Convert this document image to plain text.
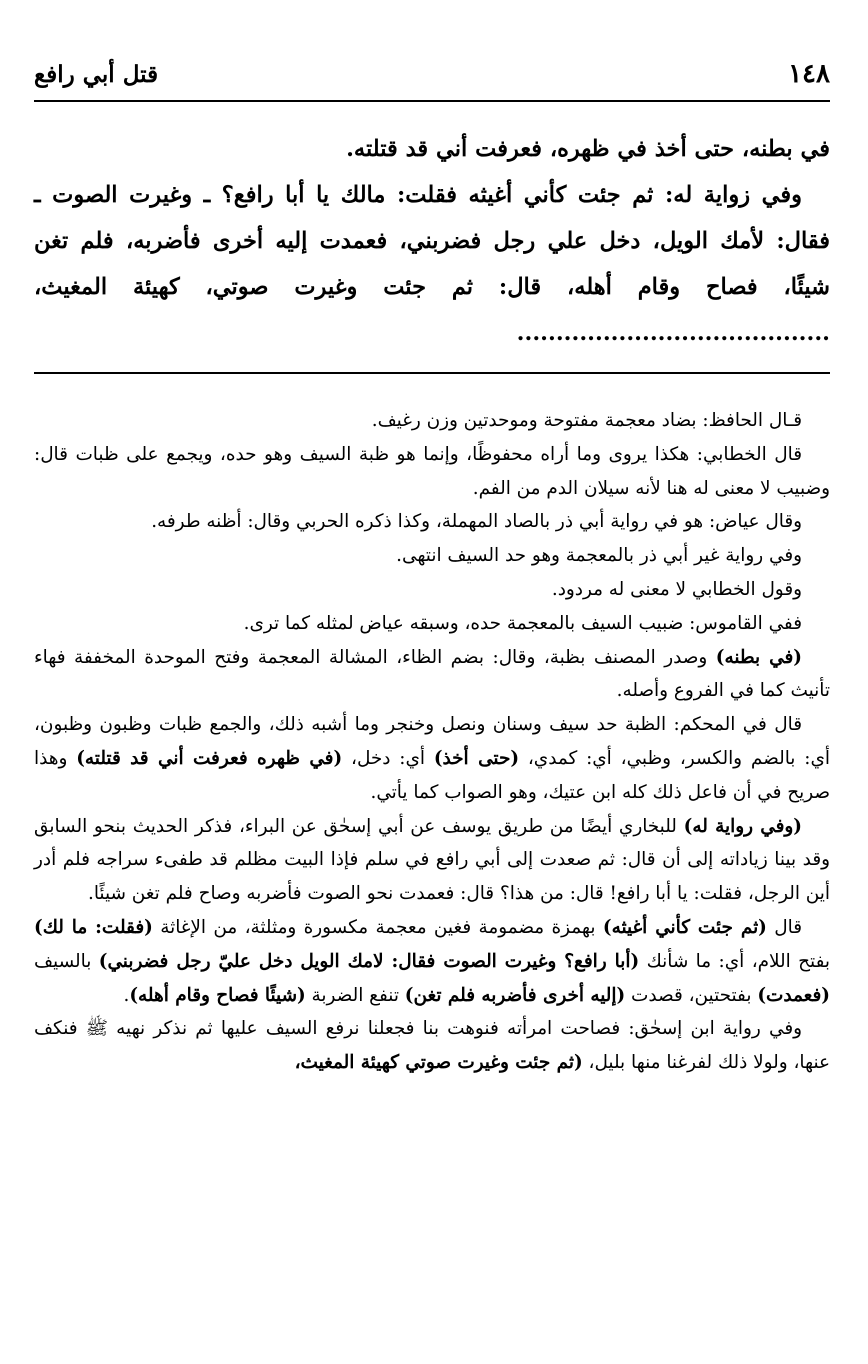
قتل أبي رافع	١٤٨

في بطنه، حتى أخذ في ظهره، فعرفت أني قد قتلته.

وفي زواية له: ثم جئت كأني أغيثه فقلت: مالك يا أبا رافع؟ ـ وغيرت الصوت ـ فقال: لأمك الويل، دخل علي رجل فضربني، فعمدت إليه أخرى فأضربه، فلم تغن شيئًا، فصاح وقام أهله، قال: ثم جئت وغيرت صوتي، كهيئة المغيث، ........................................

قـال الحافظ: بضاد معجمة مفتوحة وموحدتين وزن رغيف.

قال الخطابي: هكذا يروى وما أراه محفوظًا، وإنما هو ظبة السيف وهو حده، ويجمع على ظبات قال: وضبيب لا معنى له هنا لأنه سيلان الدم من الفم.

وقال عياض: هو في رواية أبي ذر بالصاد المهملة، وكذا ذكره الحربي وقال: أظنه طرفه.

وفي رواية غير أبي ذر بالمعجمة وهو حد السيف انتهى.

وقول الخطابي لا معنى له مردود.

ففي القاموس: ضبيب السيف بالمعجمة حده، وسبقه عياض لمثله كما ترى.

(في بطنه) وصدر المصنف بظبة، وقال: بضم الظاء، المشالة المعجمة وفتح الموحدة المخففة فهاء تأنيث كما في الفروع وأصله.

قال في المحكم: الظبة حد سيف وسنان ونصل وخنجر وما أشبه ذلك، والجمع ظبات وظبون وظبون، أي: بالضم والكسر، وظبي، أي: كمدي، (حتى أخذ) أي: دخل، (في ظهره فعرفت أني قد قتلته) وهذا صريح في أن فاعل ذلك كله ابن عتيك، وهو الصواب كما يأتي.

(وفي رواية له) للبخاري أيضًا من طريق يوسف عن أبي إسحٰق عن البراء، فذكر الحديث بنحو السابق وقد بينا زياداته إلى أن قال: ثم صعدت إلى أبي رافع في سلم فإذا البيت مظلم قد طفىء سراجه فلم أدر أين الرجل، فقلت: يا أبا رافع! قال: من هذا؟ قال: فعمدت نحو الصوت فأضربه وصاح فلم تغن شيئًا.

قال (ثم جئت كأني أغيثه) بهمزة مضمومة فغين معجمة مكسورة ومثلثة، من الإغاثة (فقلت: ما لك) بفتح اللام، أي: ما شأنك (أبا رافع؟ وغيرت الصوت فقال: لامك الويل دخل عليّ رجل فضربني) بالسيف (فعمدت) بفتحتين، قصدت (إليه أخرى فأضربه فلم تغن) تنفع الضربة (شيئًا فصاح وقام أهله).

وفي رواية ابن إسحٰق: فصاحت امرأته فنوهت بنا فجعلنا نرفع السيف عليها ثم نذكر نهيه ﷺ فنكف عنها، ولولا ذلك لفرغنا منها بليل، (ثم جئت وغيرت صوتي كهيئة المغيث،
